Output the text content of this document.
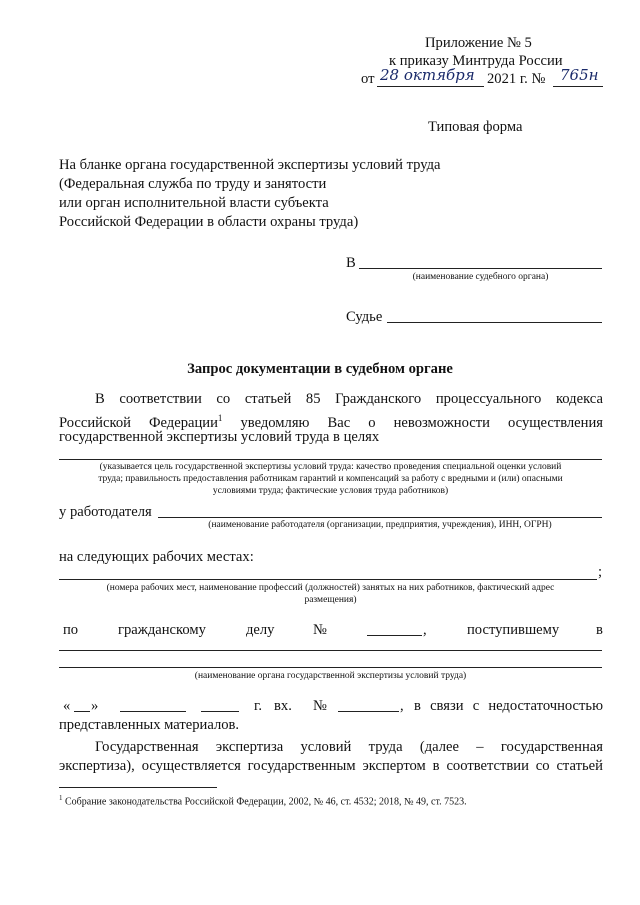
Приложение № 5
к приказу Минтруда России
от 28 октября 2021 г. № 765н
Типовая форма
На бланке органа государственной экспертизы условий труда
(Федеральная служба по труду и занятости
или орган исполнительной власти субъекта
Российской Федерации в области охраны труда)
В
(наименование судебного органа)
Судье
Запрос документации в судебном органе
В соответствии со статьей 85 Гражданского процессуального кодекса
Российской Федерации$^1$ уведомляю Вас о невозможности осуществления
государственной экспертизы условий труда в целях
(указывается цель государственной экспертизы условий труда: качество проведения специальной оценки условий
труда; правильность предоставления работникам гарантий и компенсаций за работу с вредными и (или) опасными
условиями труда; фактические условия труда работников)
у работодателя
(наименование работодателя (организации, предприятия, учреждения), ИНН, ОГРН)
на следующих рабочих местах:
;
(номера рабочих мест, наименование профессий (должностей) занятых на них работников, фактический адрес
размещения)
по	гражданскому	делу	№	,	поступившему	в
(наименование органа государственной экспертизы условий труда)
« »	г. вх. №	, в связи с недостаточностью
представленных материалов.
Государственная экспертиза условий труда (далее – государственная
экспертиза), осуществляется государственным экспертом в соответствии со статьей
$^1$ Собрание законодательства Российской Федерации, 2002, № 46, ст. 4532; 2018, № 49, ст. 7523.
